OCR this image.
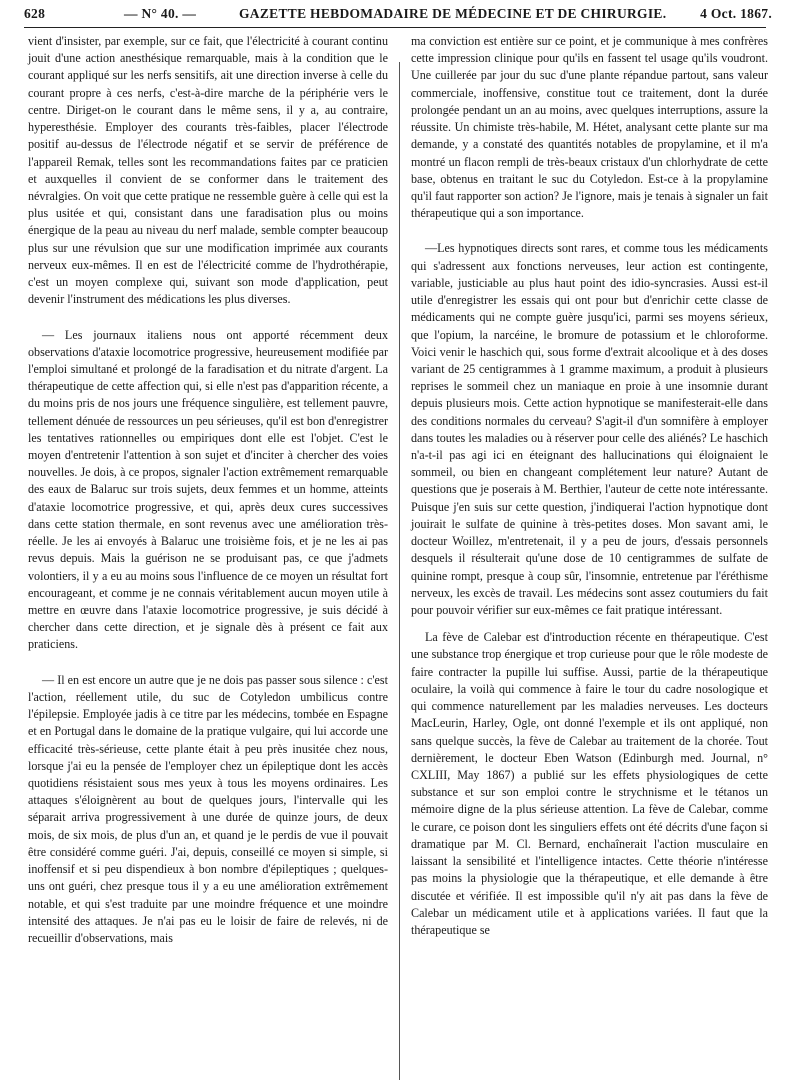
628	— N° 40. —	GAZETTE HEBDOMADAIRE DE MÉDECINE ET DE CHIRURGIE.	4 Oct. 1867.

vient d'insister, par exemple, sur ce fait, que l'électricité à courant continu jouit d'une action anesthésique remarquable, mais à la condition que le courant appliqué sur les nerfs sensitifs, ait une direction inverse à celle du courant propre à ces nerfs, c'est-à-dire marche de la périphérie vers le centre. Diriget-on le courant dans le même sens, il y a, au contraire, hyperesthésie. Employer des courants très-faibles, placer l'électrode positif au-dessus de l'électrode négatif et se servir de préférence de l'appareil Remak, telles sont les recommandations faites par ce praticien et auxquelles il convient de se conformer dans le traitement des névralgies. On voit que cette pratique ne ressemble guère à celle qui est la plus usitée et qui, consistant dans une faradisation plus ou moins énergique de la peau au niveau du nerf malade, semble compter beaucoup plus sur une révulsion que sur une modification imprimée aux courants nerveux eux-mêmes. Il en est de l'électricité comme de l'hydrothérapie, c'est un moyen complexe qui, suivant son mode d'application, peut devenir l'instrument des médications les plus diverses.

— Les journaux italiens nous ont apporté récemment deux observations d'ataxie locomotrice progressive, heureusement modifiée par l'emploi simultané et prolongé de la faradisation et du nitrate d'argent. La thérapeutique de cette affection qui, si elle n'est pas d'apparition récente, a du moins pris de nos jours une fréquence singulière, est tellement pauvre, tellement dénuée de ressources un peu sérieuses, qu'il est bon d'enregistrer les tentatives rationnelles ou empiriques dont elle est l'objet. C'est le moyen d'entretenir l'attention à son sujet et d'inciter à chercher des voies nouvelles. Je dois, à ce propos, signaler l'action extrêmement remarquable des eaux de Balaruc sur trois sujets, deux femmes et un homme, atteints d'ataxie locomotrice progressive, et qui, après deux cures successives dans cette station thermale, en sont revenus avec une amélioration très-réelle. Je les ai envoyés à Balaruc une troisième fois, et je ne les ai pas revus depuis. Mais la guérison ne se produisant pas, ce que j'admets volontiers, il y a eu au moins sous l'influence de ce moyen un résultat fort encourageant, et comme je ne connais véritablement aucun moyen utile à mettre en œuvre dans l'ataxie locomotrice progressive, je suis décidé à chercher dans cette direction, et je signale dès à présent ce fait aux praticiens.

— Il en est encore un autre que je ne dois pas passer sous silence : c'est l'action, réellement utile, du suc de Cotyledon umbilicus contre l'épilepsie. Employée jadis à ce titre par les médecins, tombée en Espagne et en Portugal dans le domaine de la pratique vulgaire, qui lui accorde une efficacité très-sérieuse, cette plante était à peu près inusitée chez nous, lorsque j'ai eu la pensée de l'employer chez un épileptique dont les accès quotidiens résistaient sous mes yeux à tous les moyens ordinaires. Les attaques s'éloignèrent au bout de quelques jours, l'intervalle qui les séparait arriva progressivement à une durée de quinze jours, de deux mois, de six mois, de plus d'un an, et quand je le perdis de vue il pouvait être considéré comme guéri. J'ai, depuis, conseillé ce moyen si simple, si inoffensif et si peu dispendieux à bon nombre d'épileptiques ; quelques-uns ont guéri, chez presque tous il y a eu une amélioration extrêmement notable, et qui s'est traduite par une moindre fréquence et une moindre intensité des attaques. Je n'ai pas eu le loisir de faire de relevés, ni de recueillir d'observations, mais

ma conviction est entière sur ce point, et je communique à mes confrères cette impression clinique pour qu'ils en fassent tel usage qu'ils voudront. Une cuillerée par jour du suc d'une plante répandue partout, sans valeur commerciale, inoffensive, constitue tout ce traitement, dont la durée prolongée pendant un an au moins, avec quelques interruptions, assure la réussite. Un chimiste très-habile, M. Hétet, analysant cette plante sur ma demande, y a constaté des quantités notables de propylamine, et il m'a montré un flacon rempli de très-beaux cristaux d'un chlorhydrate de cette base, obtenus en traitant le suc du Cotyledon. Est-ce à la propylamine qu'il faut rapporter son action? Je l'ignore, mais je tenais à signaler un fait thérapeutique qui a son importance.

—Les hypnotiques directs sont rares, et comme tous les médicaments qui s'adressent aux fonctions nerveuses, leur action est contingente, variable, justiciable au plus haut point des idio-syncrasies. Aussi est-il utile d'enregistrer les essais qui ont pour but d'enrichir cette classe de médicaments qui ne compte guère jusqu'ici, parmi ses moyens sérieux, que l'opium, la narcéine, le bromure de potassium et le chloroforme. Voici venir le haschich qui, sous forme d'extrait alcoolique et à des doses variant de 25 centigrammes à 1 gramme maximum, a produit à plusieurs reprises le sommeil chez un maniaque en proie à une insomnie durant depuis plusieurs mois. Cette action hypnotique se manifesterait-elle dans des conditions normales du cerveau? S'agit-il d'un somnifère à employer dans toutes les maladies ou à réserver pour celle des aliénés? Le haschich n'a-t-il pas agi ici en éteignant des hallucinations qui éloignaient le sommeil, ou bien en changeant complétement leur nature? Autant de questions que je poserais à M. Berthier, l'auteur de cette note intéressante. Puisque j'en suis sur cette question, j'indiquerai l'action hypnotique dont jouirait le sulfate de quinine à très-petites doses. Mon savant ami, le docteur Woillez, m'entretenait, il y a peu de jours, d'essais personnels desquels il résulterait qu'une dose de 10 centigrammes de sulfate de quinine rompt, presque à coup sûr, l'insomnie, entretenue par l'éréthisme nerveux, les excès de travail. Les médecins sont assez coutumiers du fait pour pouvoir vérifier sur eux-mêmes ce fait pratique intéressant.

La fève de Calebar est d'introduction récente en thérapeutique. C'est une substance trop énergique et trop curieuse pour que le rôle modeste de faire contracter la pupille lui suffise. Aussi, partie de la thérapeutique oculaire, la voilà qui commence à faire le tour du cadre nosologique et qui commence naturellement par les maladies nerveuses. Les docteurs MacLeurin, Harley, Ogle, ont donné l'exemple et ils ont appliqué, non sans quelque succès, la fève de Calebar au traitement de la chorée. Tout dernièrement, le docteur Eben Watson (Edinburgh med. Journal, n° CXLIII, May 1867) a publié sur les effets physiologiques de cette substance et sur son emploi contre le strychnisme et le tétanos un mémoire digne de la plus sérieuse attention. La fève de Calebar, comme le curare, ce poison dont les singuliers effets ont été décrits d'une façon si dramatique par M. Cl. Bernard, enchaînerait l'action musculaire en laissant la sensibilité et l'intelligence intactes. Cette théorie n'intéresse pas moins la physiologie que la thérapeutique, et elle demande à être discutée et vérifiée. Il est impossible qu'il n'y ait pas dans la fève de Calebar un médicament utile et à applications variées. Il faut que la thérapeutique se
